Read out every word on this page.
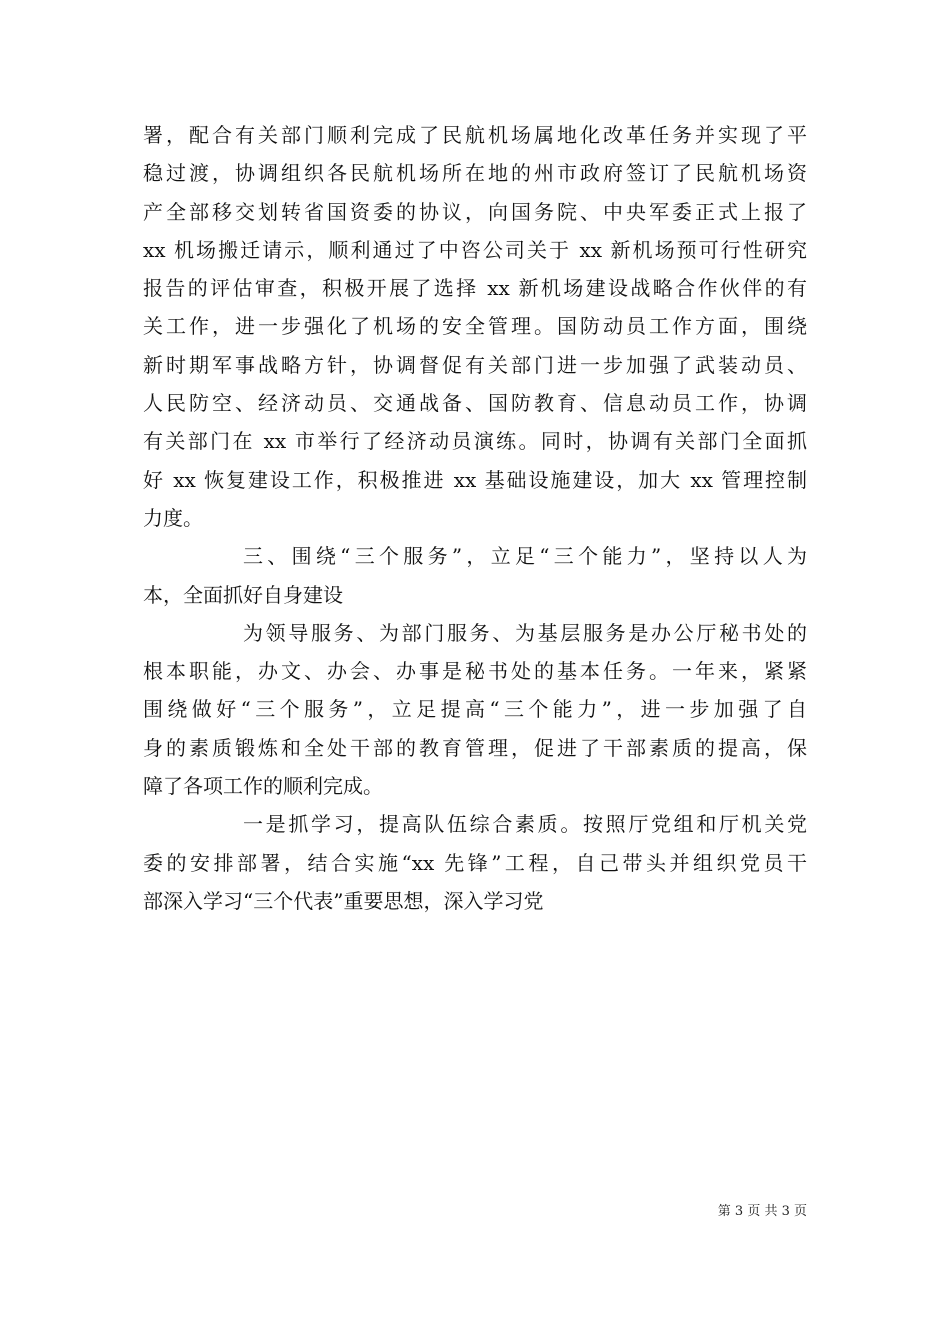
署，配合有关部门顺利完成了民航机场属地化改革任务并实现了平
稳过渡，协调组织各民航机场所在地的州市政府签订了民航机场资
产全部移交划转省国资委的协议，向国务院、中央军委正式上报了
xx 机场搬迁请示，顺利通过了中咨公司关于 xx 新机场预可行性研究
报告的评估审查，积极开展了选择 xx 新机场建设战略合作伙伴的有
关工作，进一步强化了机场的安全管理。国防动员工作方面，围绕
新时期军事战略方针，协调督促有关部门进一步加强了武装动员、
人民防空、经济动员、交通战备、国防教育、信息动员工作，协调
有关部门在 xx 市举行了经济动员演练。同时，协调有关部门全面抓
好 xx 恢复建设工作，积极推进 xx 基础设施建设，加大 xx 管理控制
力度。
三、围绕“三个服务”，立足“三个能力”，坚持以人为
本，全面抓好自身建设
为领导服务、为部门服务、为基层服务是办公厅秘书处的
根本职能，办文、办会、办事是秘书处的基本任务。一年来，紧紧
围绕做好“三个服务”，立足提高“三个能力”，进一步加强了自
身的素质锻炼和全处干部的教育管理，促进了干部素质的提高，保
障了各项工作的顺利完成。
一是抓学习，提高队伍综合素质。按照厅党组和厅机关党
委的安排部署，结合实施“xx 先锋”工程，自己带头并组织党员干
部深入学习“三个代表”重要思想，深入学习党
第 3 页 共 3 页
